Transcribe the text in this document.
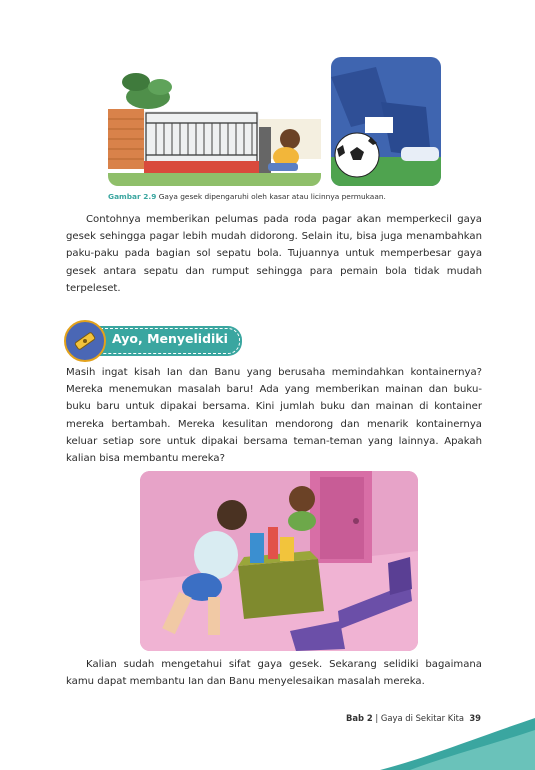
Gambar 2.9 Gaya gesek dipengaruhi oleh kasar atau licinnya permukaan.

Contohnya memberikan pelumas pada roda pagar akan memperkecil gaya gesek sehingga pagar lebih mudah didorong. Selain itu, bisa juga menambahkan paku-paku pada bagian sol sepatu bola. Tujuannya untuk memperbesar gaya gesek antara sepatu dan rumput sehingga para pemain bola tidak mudah terpeleset.

Ayo, Menyelidiki

Masih ingat kisah Ian dan Banu yang berusaha memindahkan kontainernya? Mereka menemukan masalah baru! Ada yang memberikan mainan dan buku-buku baru untuk dipakai bersama. Kini jumlah buku dan mainan di kontainer mereka bertambah. Mereka kesulitan mendorong dan menarik kontainernya keluar setiap sore untuk dipakai bersama teman-teman yang lainnya. Apakah kalian bisa membantu mereka?

Kalian sudah mengetahui sifat gaya gesek. Sekarang selidiki bagaimana kamu dapat membantu Ian dan Banu menyelesaikan masalah mereka.

Bab 2 | Gaya di Sekitar Kita 39
